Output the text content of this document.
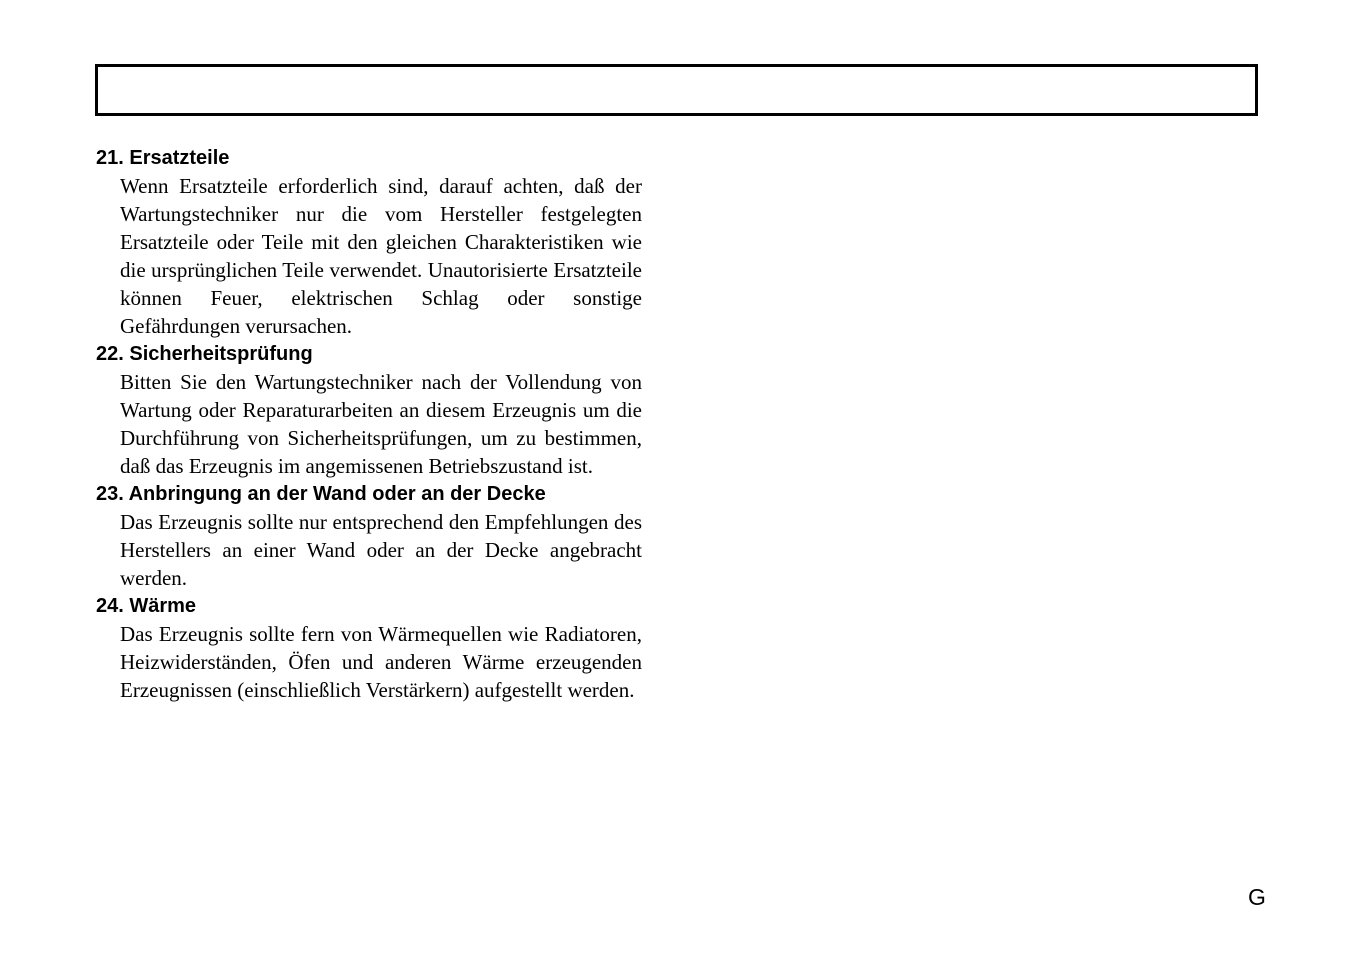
21. Ersatzteile

Wenn Ersatzteile erforderlich sind, darauf achten, daß der Wartungstechniker nur die vom Hersteller festgelegten Ersatzteile oder Teile mit den gleichen Charakteristiken wie die ursprünglichen Teile verwendet. Unautorisierte Ersatzteile können Feuer, elektrischen Schlag oder sonstige Gefährdungen verursachen.

22. Sicherheitsprüfung

Bitten Sie den Wartungstechniker nach der Vollendung von Wartung oder Reparaturarbeiten an diesem Erzeugnis um die Durchführung von Sicherheitsprüfungen, um zu bestimmen, daß das Erzeugnis im angemissenen Betriebszustand ist.

23. Anbringung an der Wand oder an der Decke

Das Erzeugnis sollte nur entsprechend den Empfehlungen des Herstellers an einer Wand oder an der Decke angebracht werden.

24. Wärme

Das Erzeugnis sollte fern von Wärmequellen wie Radiatoren, Heizwiderständen, Öfen und anderen Wärme erzeugenden Erzeugnissen (einschließlich Verstärkern) aufgestellt werden.

G
